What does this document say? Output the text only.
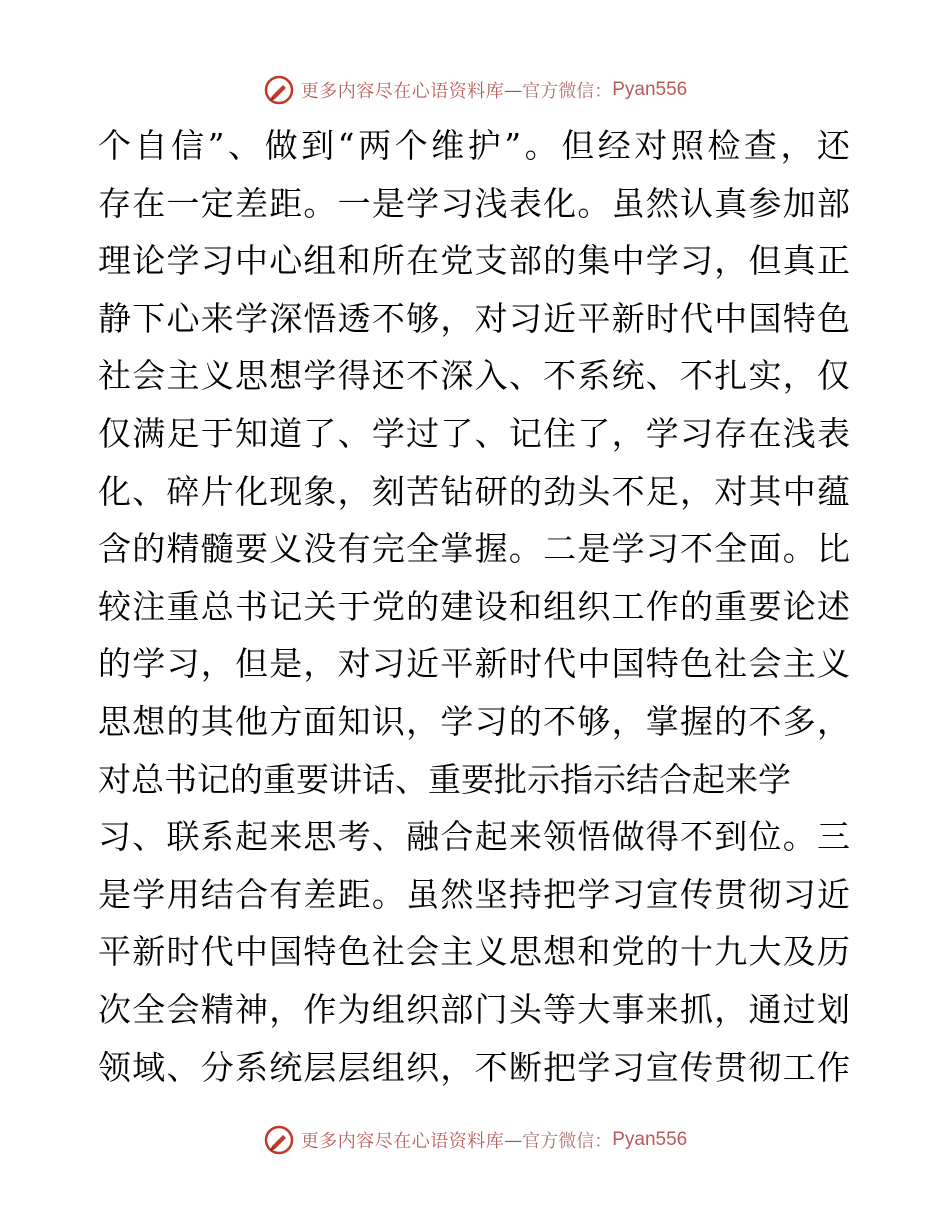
更多内容尽在心语资料库 — 官方微信： Pyan556
个自信”、做到“两个维护”。但经对照检查，还
存在一定差距。一是学习浅表化。虽然认真参加部
理论学习中心组和所在党支部的集中学习，但真正
静下心来学深悟透不够，对习近平新时代中国特色
社会主义思想学得还不深入、不系统、不扎实，仅
仅满足于知道了、学过了、记住了，学习存在浅表
化、碎片化现象，刻苦钻研的劲头不足，对其中蕴
含的精髓要义没有完全掌握。二是学习不全面。比
较注重总书记关于党的建设和组织工作的重要论述
的学习，但是，对习近平新时代中国特色社会主义
思想的其他方面知识，学习的不够，掌握的不多，
对总书记的重要讲话、重要批示指示结合起来学
习、联系起来思考、融合起来领悟做得不到位。三
是学用结合有差距。虽然坚持把学习宣传贯彻习近
平新时代中国特色社会主义思想和党的十九大及历
次全会精神，作为组织部门头等大事来抓，通过划
领域、分系统层层组织，不断把学习宣传贯彻工作
更多内容尽在心语资料库 — 官方微信： Pyan556
